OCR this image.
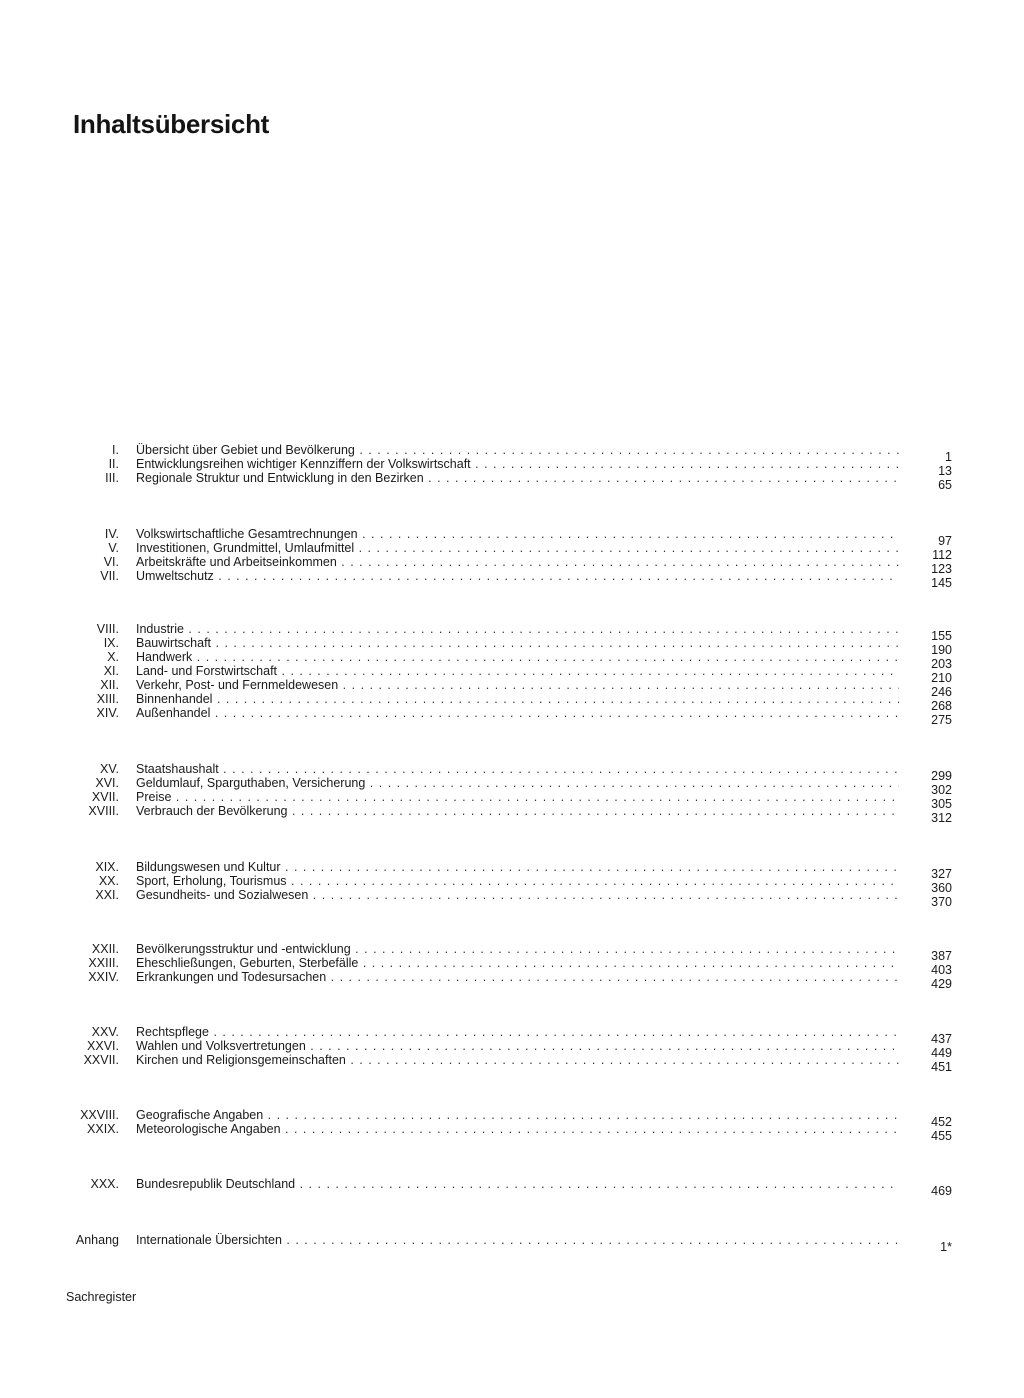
Inhaltsübersicht
I. Übersicht über Gebiet und Bevölkerung . . .	1
II. Entwicklungsreihen wichtiger Kennziffern der Volkswirtschaft . . .	13
III. Regionale Struktur und Entwicklung in den Bezirken . . .	65
IV. Volkswirtschaftliche Gesamtrechnungen . . .	97
V. Investitionen, Grundmittel, Umlaufmittel . . .	112
VI. Arbeitskräfte und Arbeitseinkommen . . .	123
VII. Umweltschutz . . .	145
VIII. Industrie . . .	155
IX. Bauwirtschaft . . .	190
X. Handwerk . . .	203
XI. Land- und Forstwirtschaft . . .	210
XII. Verkehr, Post- und Fernmeldewesen . . .	246
XIII. Binnenhandel . . .	268
XIV. Außenhandel . . .	275
XV. Staatshaushalt . . .	299
XVI. Geldumlauf, Sparguthaben, Versicherung . . .	302
XVII. Preise . . .	305
XVIII. Verbrauch der Bevölkerung . . .	312
XIX. Bildungswesen und Kultur . . .	327
XX. Sport, Erholung, Tourismus . . .	360
XXI. Gesundheits- und Sozialwesen . . .	370
XXII. Bevölkerungsstruktur und -entwicklung . . .	387
XXIII. Eheschließungen, Geburten, Sterbefälle . . .	403
XXIV. Erkrankungen und Todesursachen . . .	429
XXV. Rechtspflege . . .	437
XXVI. Wahlen und Volksvertretungen . . .	449
XXVII. Kirchen und Religionsgemeinschaften . . .	451
XXVIII. Geografische Angaben . . .	452
XXIX. Meteorologische Angaben . . .	455
XXX. Bundesrepublik Deutschland . . .	469
Anhang Internationale Übersichten . . .	1*
Sachregister
